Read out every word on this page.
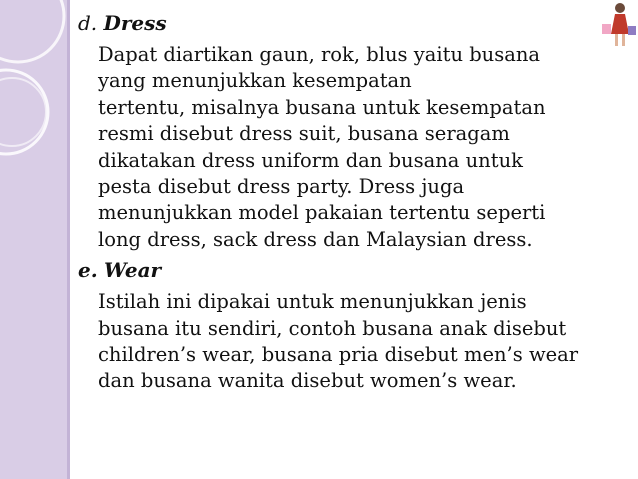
d. Dress

Dapat diartikan gaun, rok, blus yaitu busana
yang menunjukkan kesempatan
tertentu, misalnya busana untuk kesempatan
resmi disebut dress suit, busana seragam
dikatakan dress uniform dan busana untuk
pesta disebut dress party. Dress juga
menunjukkan model pakaian tertentu seperti
long dress, sack dress dan Malaysian dress.

e. Wear

Istilah ini dipakai untuk menunjukkan jenis
busana itu sendiri, contoh busana anak disebut
children’s wear, busana pria disebut men’s wear
dan busana wanita disebut women’s wear.
